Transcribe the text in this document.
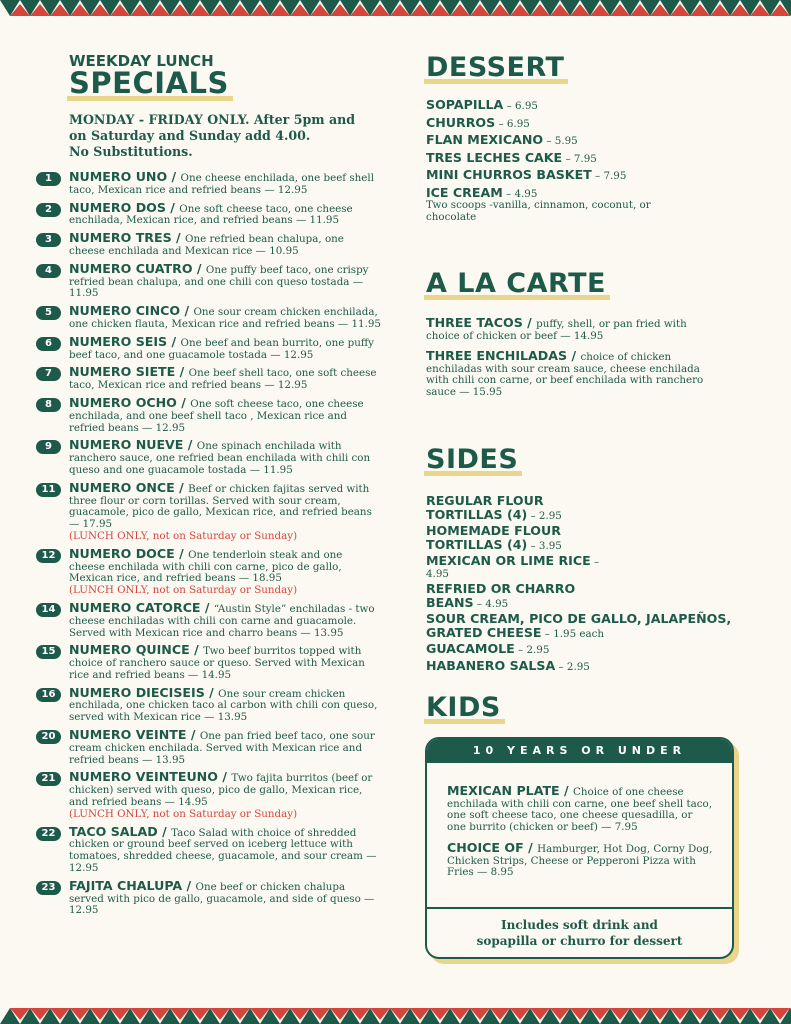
WEEKDAY LUNCH
SPECIALS
MONDAY - FRIDAY ONLY. After 5pm and
on Saturday and Sunday add 4.00.
No Substitutions.
1	NUMERO UNO / One cheese enchilada, one beef shell taco, Mexican rice and refried beans — 12.95
2	NUMERO DOS / One soft cheese taco, one cheese enchilada, Mexican rice, and refried beans — 11.95
3	NUMERO TRES / One refried bean chalupa, one cheese enchilada and Mexican rice — 10.95
4	NUMERO CUATRO / One puffy beef taco, one crispy refried bean chalupa, and one chili con queso tostada — 11.95
5	NUMERO CINCO / One sour cream chicken enchilada, one chicken flauta, Mexican rice and refried beans — 11.95
6	NUMERO SEIS / One beef and bean burrito, one puffy beef taco, and one guacamole tostada — 12.95
7	NUMERO SIETE / One beef shell taco, one soft cheese taco, Mexican rice and refried beans — 12.95
8	NUMERO OCHO / One soft cheese taco, one cheese enchilada, and one beef shell taco , Mexican rice and refried beans — 12.95
9	NUMERO NUEVE / One spinach enchilada with ranchero sauce, one refried bean enchilada with chili con queso and one guacamole tostada — 11.95
11	NUMERO ONCE / Beef or chicken fajitas served with three flour or corn torillas. Served with sour cream, guacamole, pico de gallo, Mexican rice, and refried beans — 17.95
(LUNCH ONLY, not on Saturday or Sunday)
12	NUMERO DOCE / One tenderloin steak and one cheese enchilada with chili con carne, pico de gallo, Mexican rice, and refried beans — 18.95
(LUNCH ONLY, not on Saturday or Sunday)
14	NUMERO CATORCE / “Austin Style” enchiladas - two cheese enchiladas with chili con carne and guacamole. Served with Mexican rice and charro beans — 13.95
15	NUMERO QUINCE / Two beef burritos topped with choice of ranchero sauce or queso. Served with Mexican rice and refried beans — 14.95
16	NUMERO DIECISEIS / One sour cream chicken enchilada, one chicken taco al carbon with chili con queso, served with Mexican rice — 13.95
20	NUMERO VEINTE / One pan fried beef taco, one sour cream chicken enchilada. Served with Mexican rice and refried beans — 13.95
21	NUMERO VEINTEUNO / Two fajita burritos (beef or chicken) served with queso, pico de gallo, Mexican rice, and refried beans — 14.95
(LUNCH ONLY, not on Saturday or Sunday)
22	TACO SALAD / Taco Salad with choice of shredded chicken or ground beef served on iceberg lettuce with tomatoes, shredded cheese, guacamole, and sour cream — 12.95
23	FAJITA CHALUPA / One beef or chicken chalupa served with pico de gallo, guacamole, and side of queso — 12.95
DESSERT
SOPAPILLA – 6.95
CHURROS – 6.95
FLAN MEXICANO – 5.95
TRES LECHES CAKE – 7.95
MINI CHURROS BASKET – 7.95
ICE CREAM – 4.95
Two scoops -vanilla, cinnamon, coconut, or chocolate
A LA CARTE
THREE TACOS / puffy, shell, or pan fried with choice of chicken or beef — 14.95
THREE ENCHILADAS / choice of chicken enchiladas with sour cream sauce, cheese enchilada with chili con carne, or beef enchilada with ranchero sauce — 15.95
SIDES
REGULAR FLOUR TORTILLAS (4) – 2.95
HOMEMADE FLOUR TORTILLAS (4) – 3.95
MEXICAN OR LIME RICE – 4.95
REFRIED OR CHARRO BEANS – 4.95
SOUR CREAM, PICO DE GALLO, JALAPEÑOS, GRATED CHEESE – 1.95 each
GUACAMOLE – 2.95
HABANERO SALSA – 2.95
KIDS
10 YEARS OR UNDER
MEXICAN PLATE / Choice of one cheese enchilada with chili con carne, one beef shell taco, one soft cheese taco, one cheese quesadilla, or one burrito (chicken or beef) — 7.95
CHOICE OF / Hamburger, Hot Dog, Corny Dog, Chicken Strips, Cheese or Pepperoni Pizza with Fries — 8.95
Includes soft drink and
sopapilla or churro for dessert
